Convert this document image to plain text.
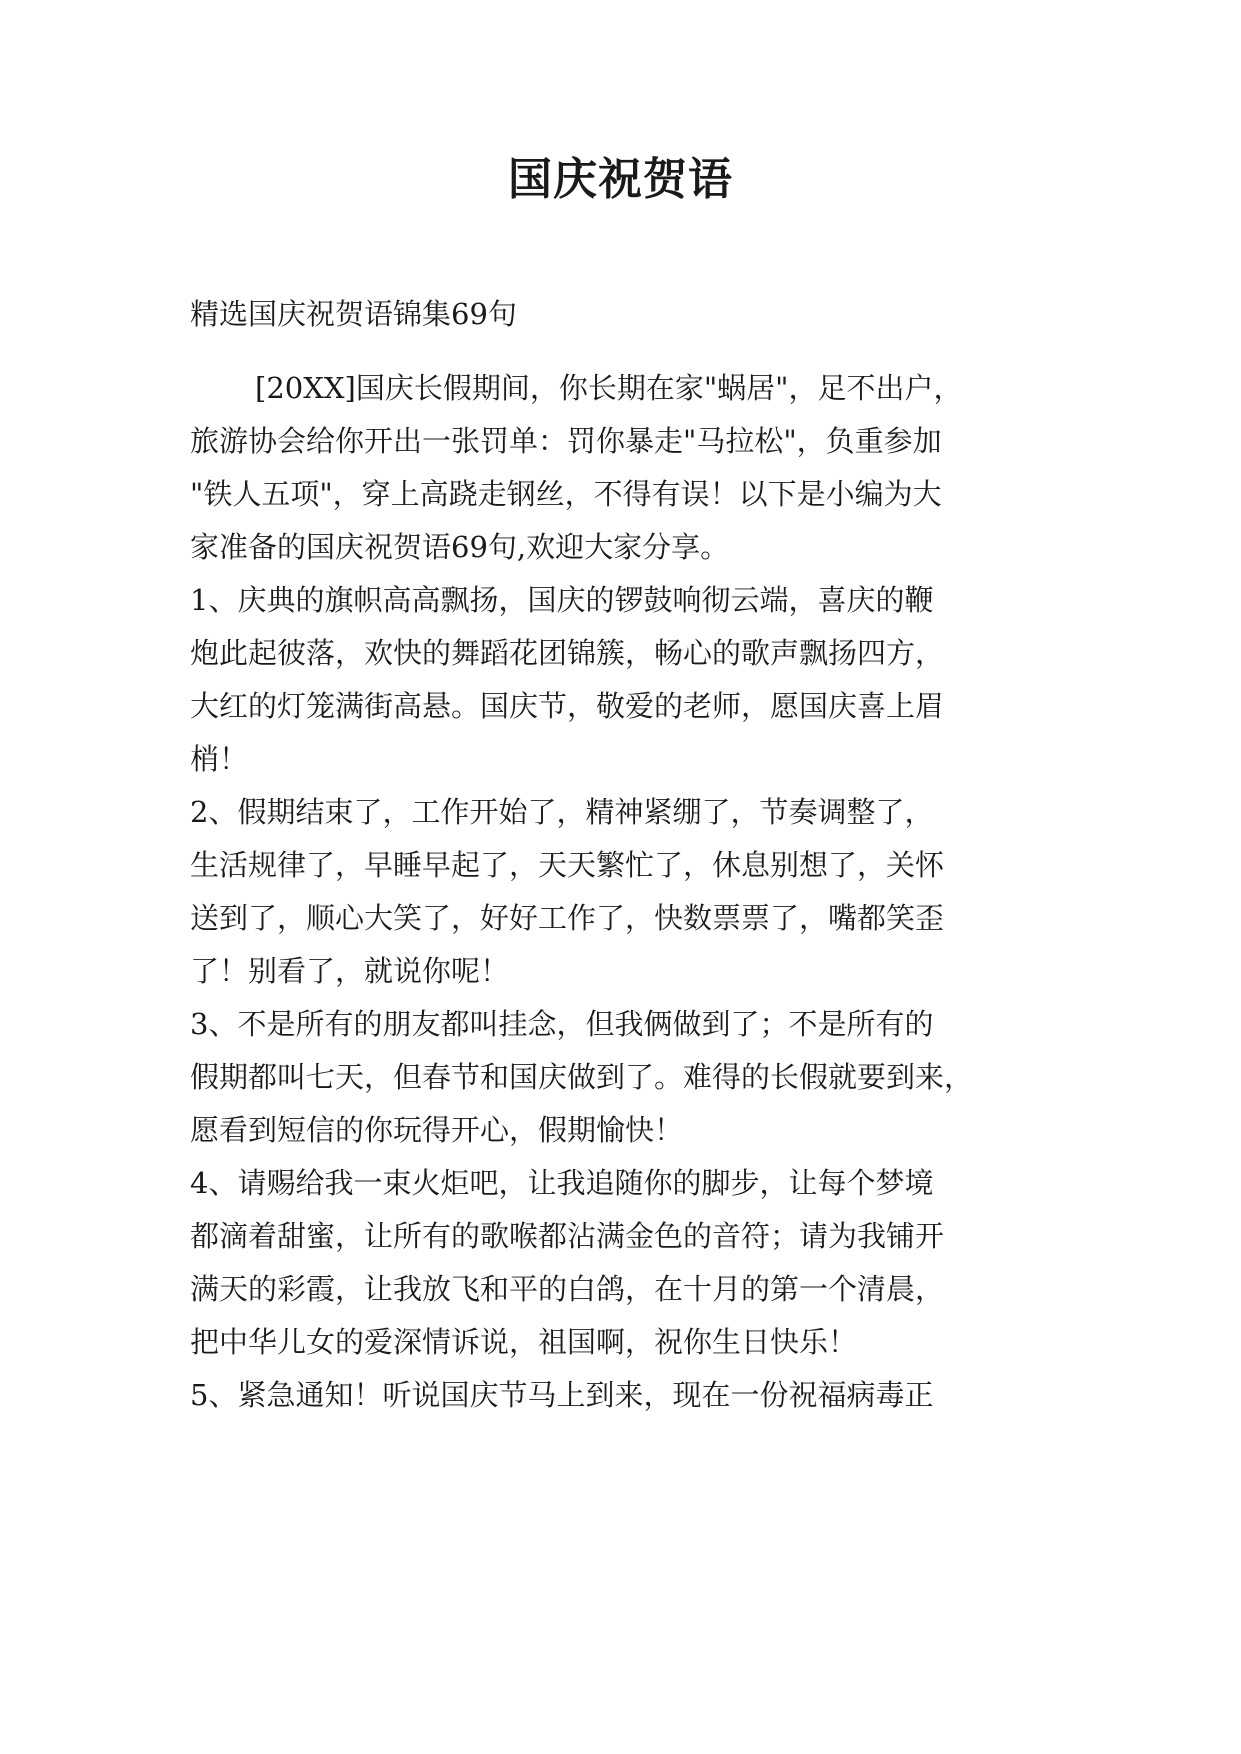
国庆祝贺语

精选国庆祝贺语锦集69句

[20XX]国庆长假期间，你长期在家"蜗居"，足不出户，

旅游协会给你开出一张罚单：罚你暴走"马拉松"，负重参加

"铁人五项"，穿上高跷走钢丝，不得有误！以下是小编为大

家准备的国庆祝贺语69句,欢迎大家分享。

1、庆典的旗帜高高飘扬，国庆的锣鼓响彻云端，喜庆的鞭

炮此起彼落，欢快的舞蹈花团锦簇，畅心的歌声飘扬四方，

大红的灯笼满街高悬。国庆节，敬爱的老师，愿国庆喜上眉

梢！

2、假期结束了，工作开始了，精神紧绷了，节奏调整了，

生活规律了，早睡早起了，天天繁忙了，休息别想了，关怀

送到了，顺心大笑了，好好工作了，快数票票了，嘴都笑歪

了！别看了，就说你呢！

3、不是所有的朋友都叫挂念，但我俩做到了；不是所有的

假期都叫七天，但春节和国庆做到了。难得的长假就要到来，

愿看到短信的你玩得开心，假期愉快！

4、请赐给我一束火炬吧，让我追随你的脚步，让每个梦境

都滴着甜蜜，让所有的歌喉都沾满金色的音符；请为我铺开

满天的彩霞，让我放飞和平的白鸽，在十月的第一个清晨，

把中华儿女的爱深情诉说，祖国啊，祝你生日快乐！

5、紧急通知！听说国庆节马上到来，现在一份祝福病毒正
